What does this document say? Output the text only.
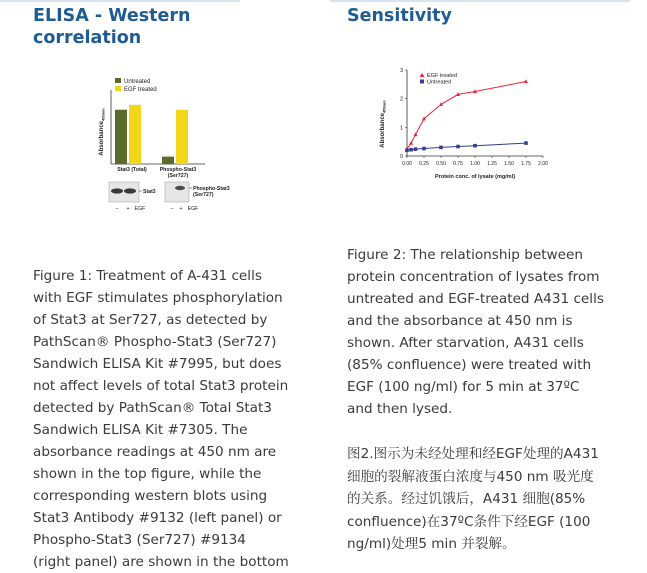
ELISA - Western
correlation
Untreated
EGF treated
Absorbance$_{450nm}$
Stat3 (Total) Phospho-Stat3
(Ser727)
Stat3	Phospho-Stat3
(Ser727)
– + EGF	– + EGF
Figure 1: Treatment of A-431 cells
with EGF stimulates phosphorylation
of Stat3 at Ser727, as detected by
PathScan® Phospho-Stat3 (Ser727)
Sandwich ELISA Kit #7995, but does
not affect levels of total Stat3 protein
detected by PathScan® Total Stat3
Sandwich ELISA Kit #7305. The
absorbance readings at 450 nm are
shown in the top figure, while the
corresponding western blots using
Stat3 Antibody #9132 (left panel) or
Phospho-Stat3 (Ser727) #9134
(right panel) are shown in the bottom
Sensitivity
Absorbance$_{450nm}$
0
1
2
3
0.00 0.25 0.50 0.75 1.00 1.25 1.50 1.75 2.00
EGF treated
Untreated
Protein conc. of lysate (mg/ml)
Figure 2: The relationship between
protein concentration of lysates from
untreated and EGF-treated A431 cells
and the absorbance at 450 nm is
shown. After starvation, A431 cells
(85% confluence) were treated with
EGF (100 ng/ml) for 5 min at 37ºC
and then lysed.
图2.图示为未经处理和经EGF处理的A431
细胞的裂解液蛋白浓度与450 nm 吸光度
的关系。经过饥饿后，A431 细胞(85%
confluence)在37ºC条件下经EGF (100
ng/ml)处理5 min 并裂解。
